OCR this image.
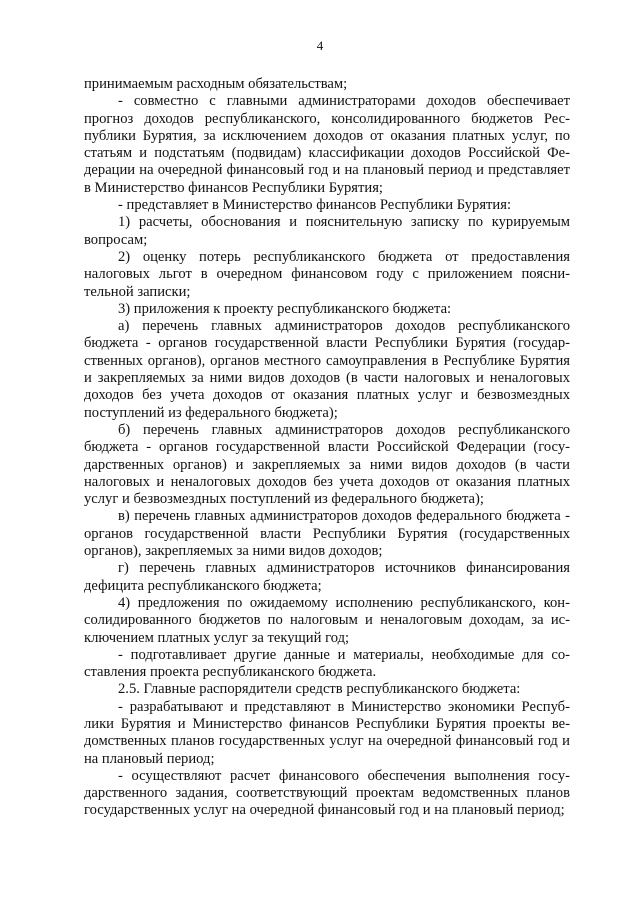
4

принимаемым расходным обязательствам;

- совместно с главными администраторами доходов обеспечивает прогноз доходов республиканского, консолидированного бюджетов Республики Бурятия, за исключением доходов от оказания платных услуг, по статьям и подстатьям (подвидам) классификации доходов Российской Федерации на очередной финансовый год и на плановый период и представляет в Министерство финансов Республики Бурятия;

- представляет в Министерство финансов Республики Бурятия:

1) расчеты, обоснования и пояснительную записку по курируемым вопросам;

2) оценку потерь республиканского бюджета от предоставления налоговых льгот в очередном финансовом году с приложением пояснительной записки;

3) приложения к проекту республиканского бюджета:

а) перечень главных администраторов доходов республиканского бюджета - органов государственной власти Республики Бурятия (государственных органов), органов местного самоуправления в Республике Бурятия и закрепляемых за ними видов доходов (в части налоговых и неналоговых доходов без учета доходов от оказания платных услуг и безвозмездных поступлений из федерального бюджета);

б) перечень главных администраторов доходов республиканского бюджета - органов государственной власти Российской Федерации (государственных органов) и закрепляемых за ними видов доходов (в части налоговых и неналоговых доходов без учета доходов от оказания платных услуг и безвозмездных поступлений из федерального бюджета);

в) перечень главных администраторов доходов федерального бюджета - органов государственной власти Республики Бурятия (государственных органов), закрепляемых за ними видов доходов;

г) перечень главных администраторов источников финансирования дефицита республиканского бюджета;

4) предложения по ожидаемому исполнению республиканского, консолидированного бюджетов по налоговым и неналоговым доходам, за исключением платных услуг за текущий год;

- подготавливает другие данные и материалы, необходимые для составления проекта республиканского бюджета.

2.5. Главные распорядители средств республиканского бюджета:

- разрабатывают и представляют в Министерство экономики Республики Бурятия и Министерство финансов Республики Бурятия проекты ведомственных планов государственных услуг на очередной финансовый год и на плановый период;

- осуществляют расчет финансового обеспечения выполнения государственного задания, соответствующий проектам ведомственных планов государственных услуг на очередной финансовый год и на плановый период;
